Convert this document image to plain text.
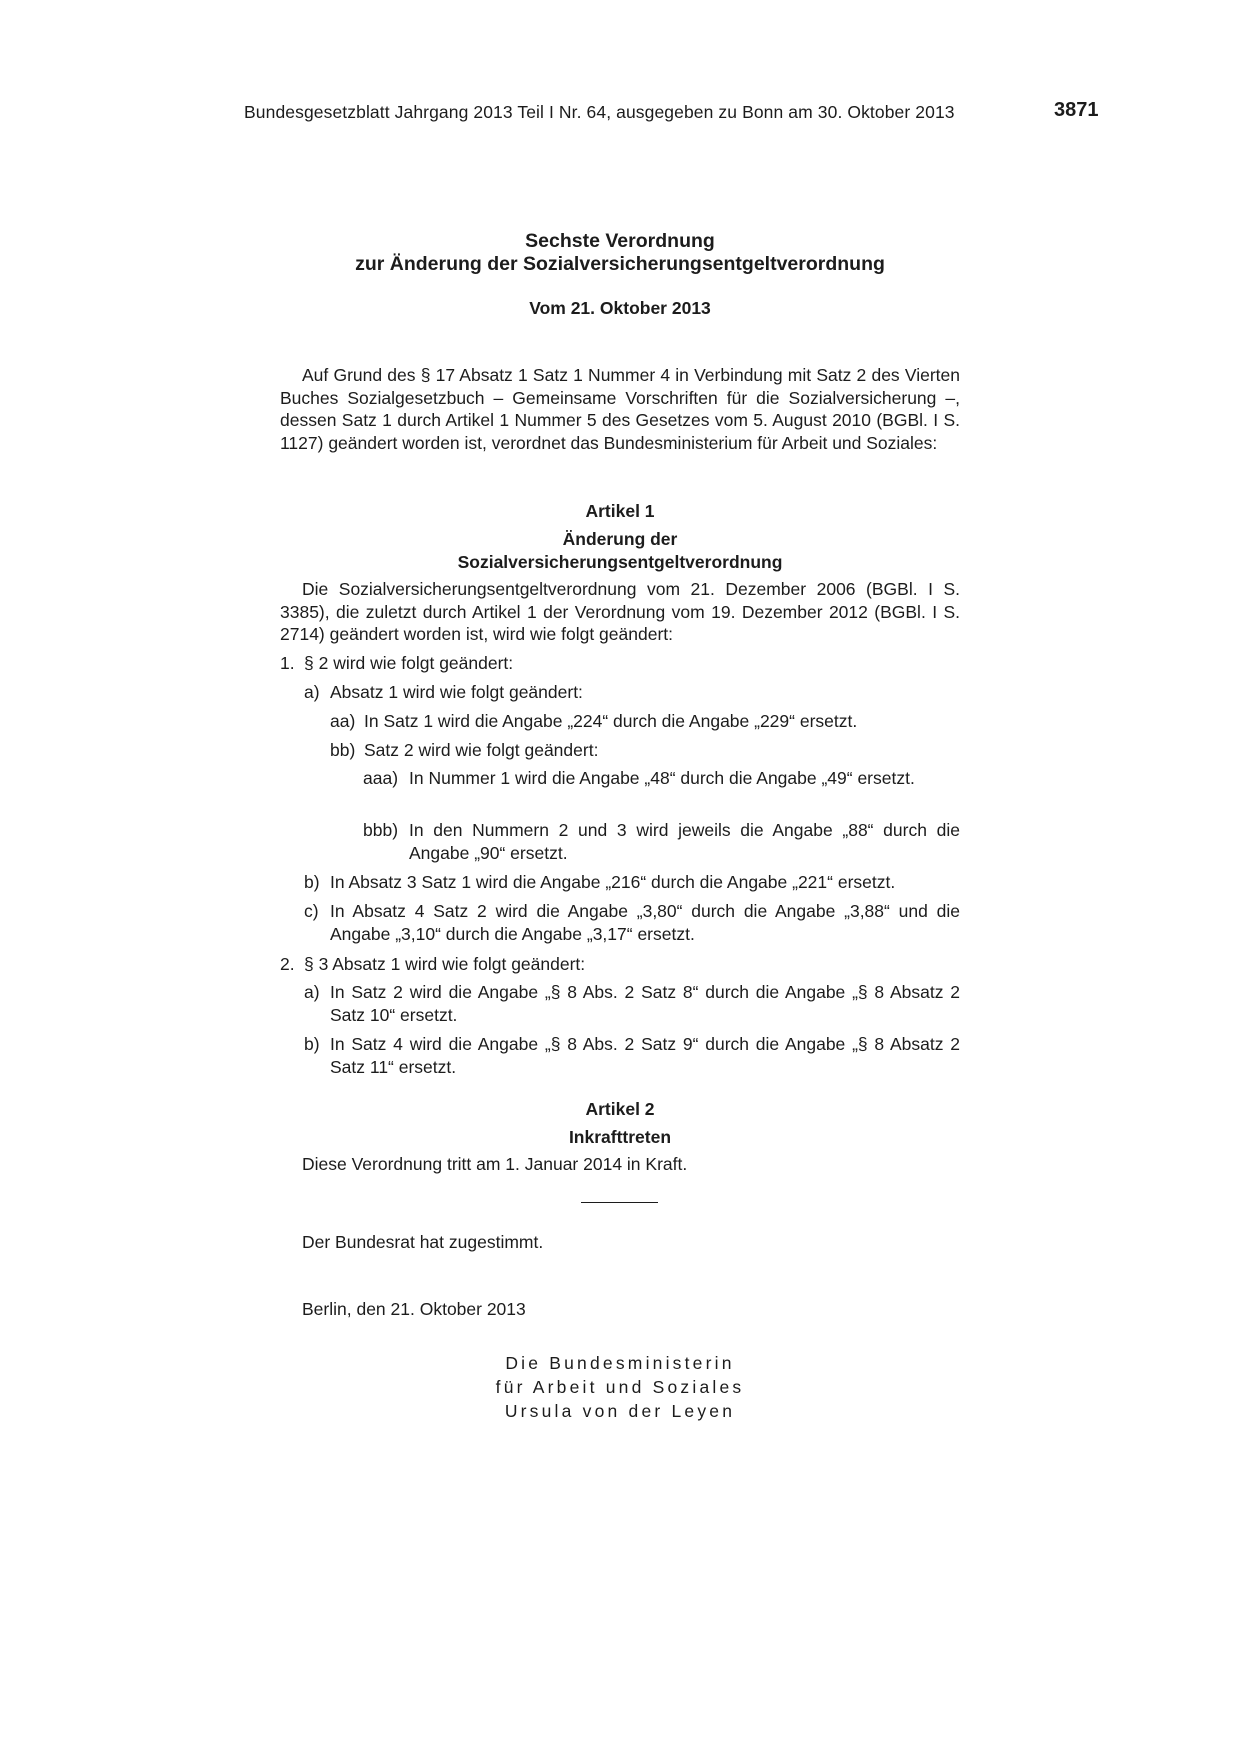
Bundesgesetzblatt Jahrgang 2013 Teil I Nr. 64, ausgegeben zu Bonn am 30. Oktober 2013	3871
Sechste Verordnung
zur Änderung der Sozialversicherungsentgeltverordnung
Vom 21. Oktober 2013
Auf Grund des § 17 Absatz 1 Satz 1 Nummer 4 in Verbindung mit Satz 2 des Vierten Buches Sozialgesetzbuch – Gemeinsame Vorschriften für die Sozialversicherung –, dessen Satz 1 durch Artikel 1 Nummer 5 des Gesetzes vom 5. August 2010 (BGBl. I S. 1127) geändert worden ist, verordnet das Bundesministerium für Arbeit und Soziales:
Artikel 1
Änderung der
Sozialversicherungsentgeltverordnung
Die Sozialversicherungsentgeltverordnung vom 21. Dezember 2006 (BGBl. I S. 3385), die zuletzt durch Artikel 1 der Verordnung vom 19. Dezember 2012 (BGBl. I S. 2714) geändert worden ist, wird wie folgt geändert:
1. § 2 wird wie folgt geändert:
a) Absatz 1 wird wie folgt geändert:
aa) In Satz 1 wird die Angabe „224“ durch die Angabe „229“ ersetzt.
bb) Satz 2 wird wie folgt geändert:
aaa) In Nummer 1 wird die Angabe „48“ durch die Angabe „49“ ersetzt.
bbb) In den Nummern 2 und 3 wird jeweils die Angabe „88“ durch die Angabe „90“ ersetzt.
b) In Absatz 3 Satz 1 wird die Angabe „216“ durch die Angabe „221“ ersetzt.
c) In Absatz 4 Satz 2 wird die Angabe „3,80“ durch die Angabe „3,88“ und die Angabe „3,10“ durch die Angabe „3,17“ ersetzt.
2. § 3 Absatz 1 wird wie folgt geändert:
a) In Satz 2 wird die Angabe „§ 8 Abs. 2 Satz 8“ durch die Angabe „§ 8 Absatz 2 Satz 10“ ersetzt.
b) In Satz 4 wird die Angabe „§ 8 Abs. 2 Satz 9“ durch die Angabe „§ 8 Absatz 2 Satz 11“ ersetzt.
Artikel 2
Inkrafttreten
Diese Verordnung tritt am 1. Januar 2014 in Kraft.
Der Bundesrat hat zugestimmt.
Berlin, den 21. Oktober 2013
Die Bundesministerin
für Arbeit und Soziales
Ursula von der Leyen
